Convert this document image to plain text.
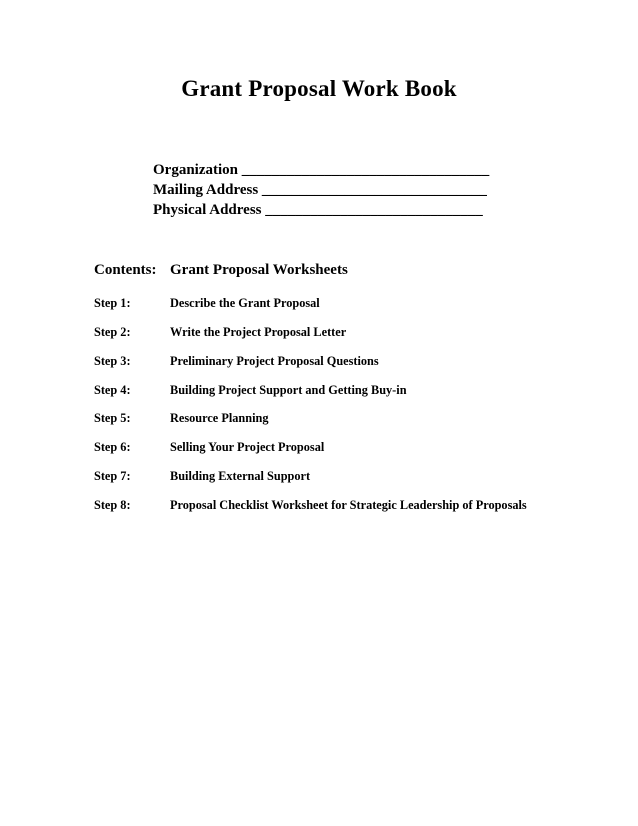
Grant Proposal Work Book
Organization _________________________________
Mailing Address ______________________________
Physical Address _____________________________
Contents: Grant Proposal Worksheets
Step 1:	Describe the Grant Proposal
Step 2:	Write the Project Proposal Letter
Step 3:	Preliminary Project Proposal Questions
Step 4:	Building Project Support and Getting Buy-in
Step 5:	Resource Planning
Step 6:	Selling Your Project Proposal
Step 7:	Building External Support
Step 8:	Proposal Checklist Worksheet for Strategic Leadership of Proposals
